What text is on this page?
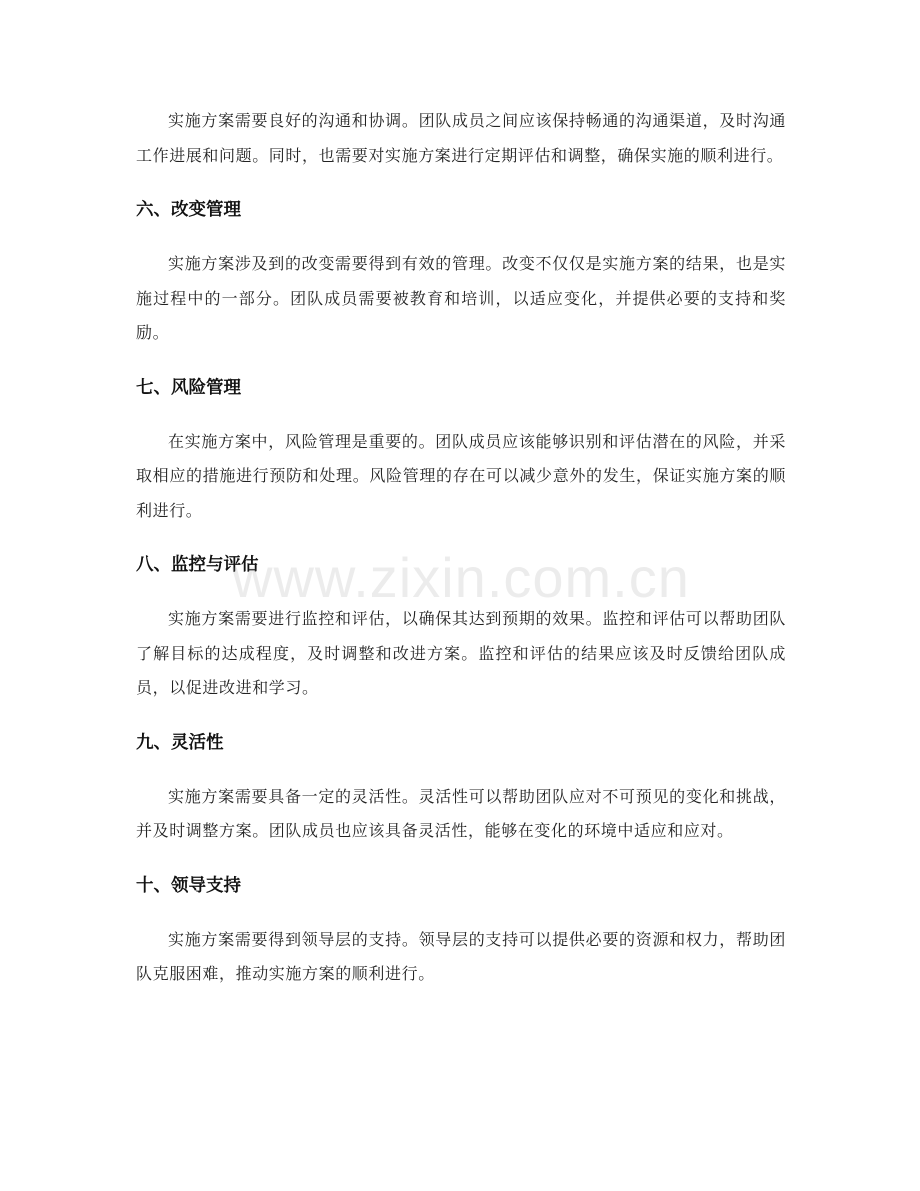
实施方案需要良好的沟通和协调。团队成员之间应该保持畅通的沟通渠道，及时沟通工作进展和问题。同时，也需要对实施方案进行定期评估和调整，确保实施的顺利进行。

六、改变管理

实施方案涉及到的改变需要得到有效的管理。改变不仅仅是实施方案的结果，也是实施过程中的一部分。团队成员需要被教育和培训，以适应变化，并提供必要的支持和奖励。

七、风险管理

在实施方案中，风险管理是重要的。团队成员应该能够识别和评估潜在的风险，并采取相应的措施进行预防和处理。风险管理的存在可以减少意外的发生，保证实施方案的顺利进行。

八、监控与评估

实施方案需要进行监控和评估，以确保其达到预期的效果。监控和评估可以帮助团队了解目标的达成程度，及时调整和改进方案。监控和评估的结果应该及时反馈给团队成员，以促进改进和学习。

九、灵活性

实施方案需要具备一定的灵活性。灵活性可以帮助团队应对不可预见的变化和挑战，并及时调整方案。团队成员也应该具备灵活性，能够在变化的环境中适应和应对。

十、领导支持

实施方案需要得到领导层的支持。领导层的支持可以提供必要的资源和权力，帮助团队克服困难，推动实施方案的顺利进行。

www.zixin.com.cn
